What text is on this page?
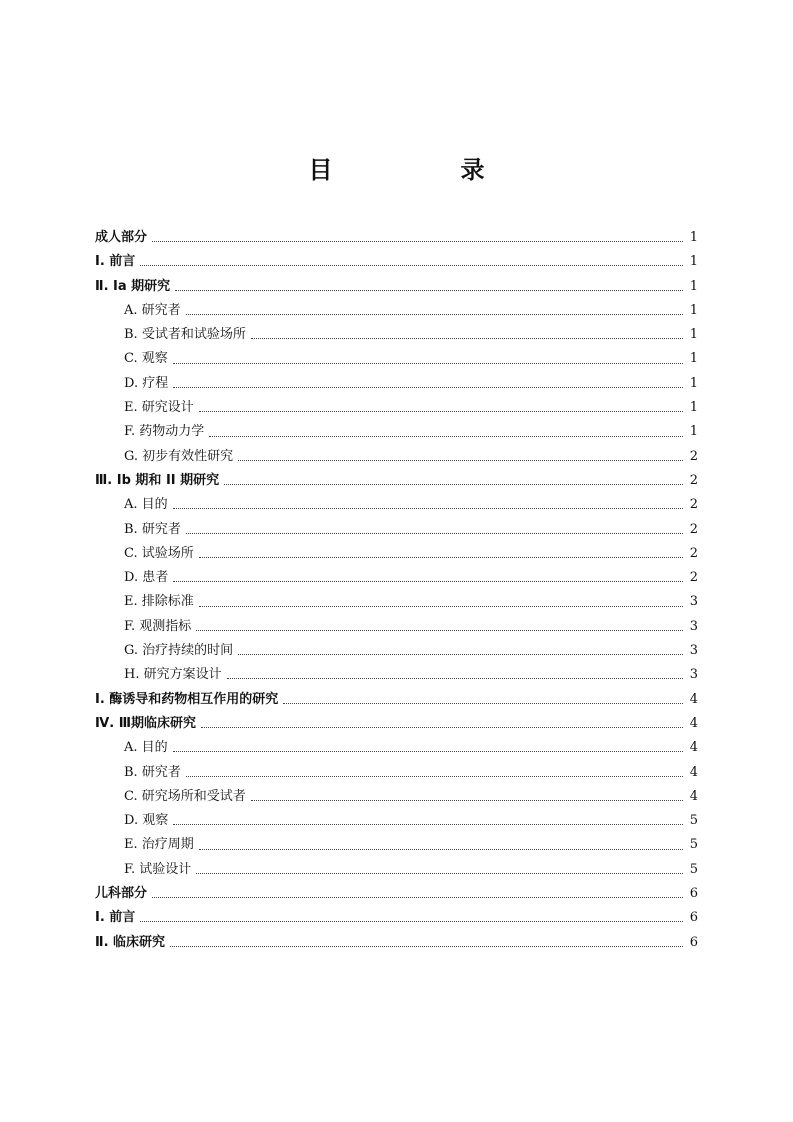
目　录
成人部分	1
Ⅰ. 前言	1
Ⅱ. Ia 期研究	1
A. 研究者	1
B. 受试者和试验场所	1
C. 观察	1
D. 疗程	1
E. 研究设计	1
F. 药物动力学	1
G. 初步有效性研究	2
Ⅲ. Ib 期和 II 期研究	2
A. 目的	2
B. 研究者	2
C. 试验场所	2
D. 患者	2
E. 排除标准	3
F. 观测指标	3
G. 治疗持续的时间	3
H. 研究方案设计	3
Ⅰ. 酶诱导和药物相互作用的研究	4
Ⅳ. Ⅲ期临床研究	4
A. 目的	4
B. 研究者	4
C. 研究场所和受试者	4
D. 观察	5
E. 治疗周期	5
F. 试验设计	5
儿科部分	6
Ⅰ. 前言	6
Ⅱ. 临床研究	6
